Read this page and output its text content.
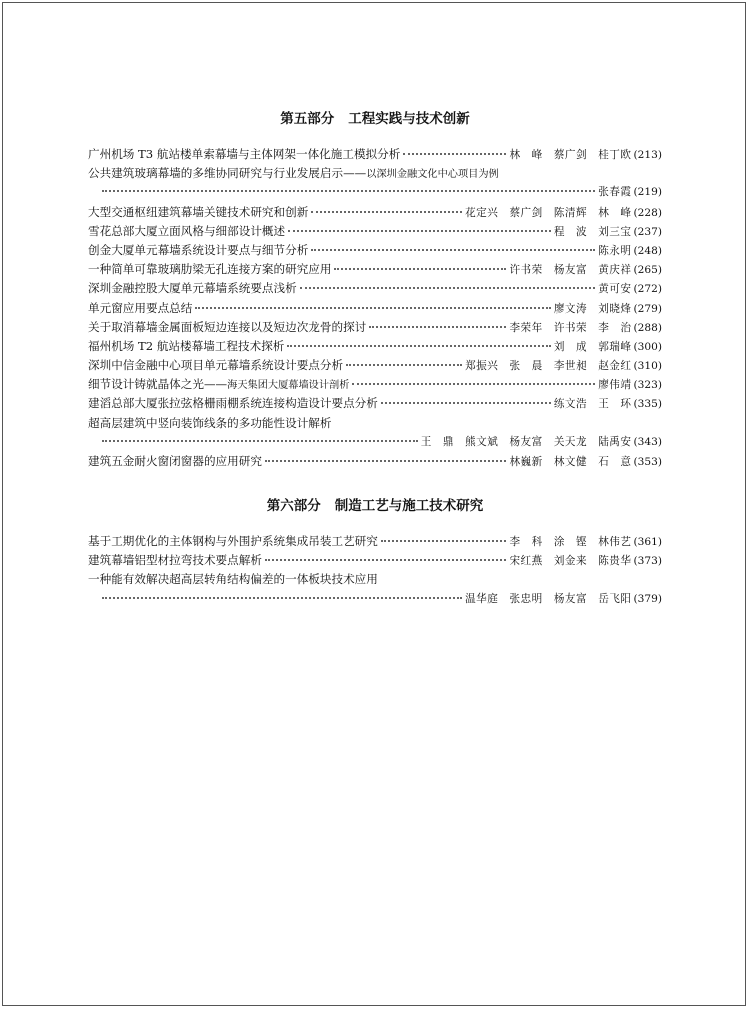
第五部分 工程实践与技术创新
广州机场 T3 航站楼单索幕墙与主体网架一体化施工模拟分析	林　峰　蔡广剑　桂丁欧 (213)
公共建筑玻璃幕墙的多维协同研究与行业发展启示——以深圳金融文化中心项目为例
张春霞 (219)
大型交通枢纽建筑幕墙关键技术研究和创新	花定兴　蔡广剑　陈清辉　林　峰 (228)
雪花总部大厦立面风格与细部设计概述	程　波　刘三宝 (237)
创金大厦单元幕墙系统设计要点与细节分析	陈永明 (248)
一种简单可靠玻璃肋梁无孔连接方案的研究应用	许书荣　杨友富　黄庆祥 (265)
深圳金融控股大厦单元幕墙系统要点浅析	黄可安 (272)
单元窗应用要点总结	廖文涛　刘晓烽 (279)
关于取消幕墙金属面板短边连接以及短边次龙骨的探讨	李荣年　许书荣　李　治 (288)
福州机场 T2 航站楼幕墙工程技术探析	刘　成　郭瑞峰 (300)
深圳中信金融中心项目单元幕墙系统设计要点分析	郑振兴　张　晨　李世昶　赵金红 (310)
细节设计铸就晶体之光——海天集团大厦幕墙设计剖析	廖伟靖 (323)
建滔总部大厦张拉弦格栅雨棚系统连接构造设计要点分析	练文浩　王　环 (335)
超高层建筑中竖向装饰线条的多功能性设计解析
王　鼎　熊文斌　杨友富　关天龙　陆禹安 (343)
建筑五金耐火窗闭窗器的应用研究	林巍新　林文健　石　意 (353)
第六部分 制造工艺与施工技术研究
基于工期优化的主体钢构与外围护系统集成吊装工艺研究	李　科　涂　铿　林伟艺 (361)
建筑幕墙铝型材拉弯技术要点解析	宋红燕　刘金来　陈贵华 (373)
一种能有效解决超高层转角结构偏差的一体板块技术应用
温华庭　张忠明　杨友富　岳飞阳 (379)
